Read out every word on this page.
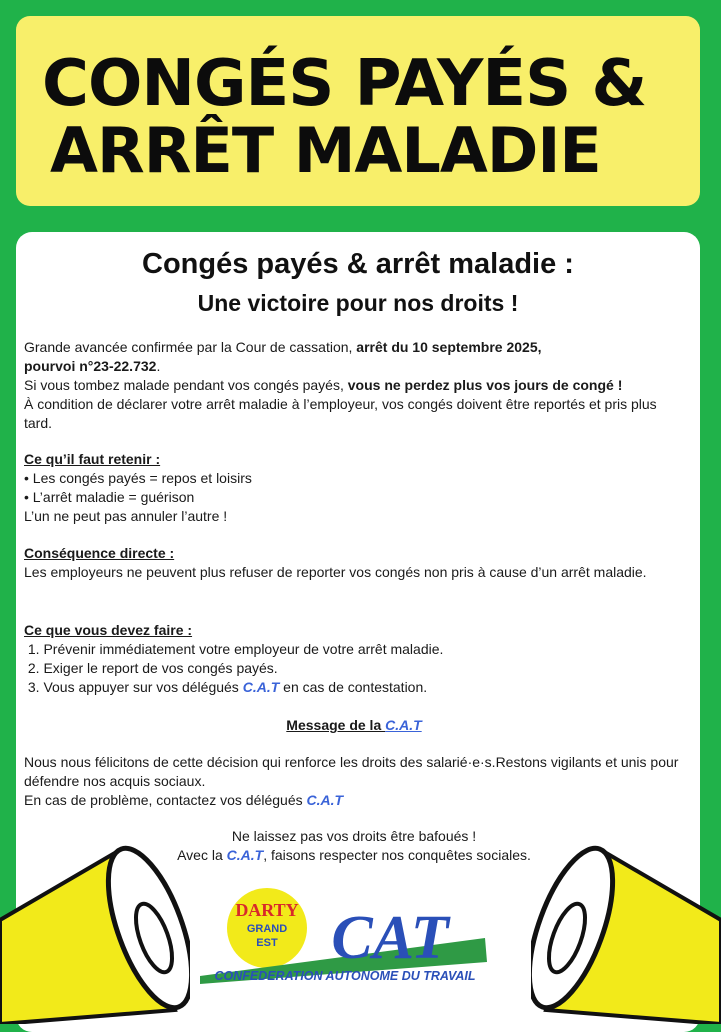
CONGÉS PAYÉS &
ARRÊT MALADIE
Congés payés & arrêt maladie :
Une victoire pour nos droits !

Grande avancée confirmée par la Cour de cassation, arrêt du 10 septembre 2025,

pourvoi n°23-22.732.

Si vous tombez malade pendant vos congés payés, vous ne perdez plus vos jours de congé !

À condition de déclarer votre arrêt maladie à l’employeur, vos congés doivent être reportés et pris plus tard.

Ce qu’il faut retenir :

• Les congés payés = repos et loisirs

• L’arrêt maladie = guérison

L’un ne peut pas annuler l’autre !

Conséquence directe :

Les employeurs ne peuvent plus refuser de reporter vos congés non pris à cause d’un arrêt maladie.

Ce que vous devez faire :

1. Prévenir immédiatement votre employeur de votre arrêt maladie.

2. Exiger le report de vos congés payés.

3. Vous appuyer sur vos délégués C.A.T en cas de contestation.

Message de la C.A.T

Nous nous félicitons de cette décision qui renforce les droits des salarié·e·s.Restons vigilants et unis pour défendre nos acquis sociaux.

En cas de problème, contactez vos délégués C.A.T

Ne laissez pas vos droits être bafoués !

Avec la C.A.T, faisons respecter nos conquêtes sociales.

DARTY
GRAND
EST CAT
CONFEDERATION AUTONOME DU TRAVAIL
